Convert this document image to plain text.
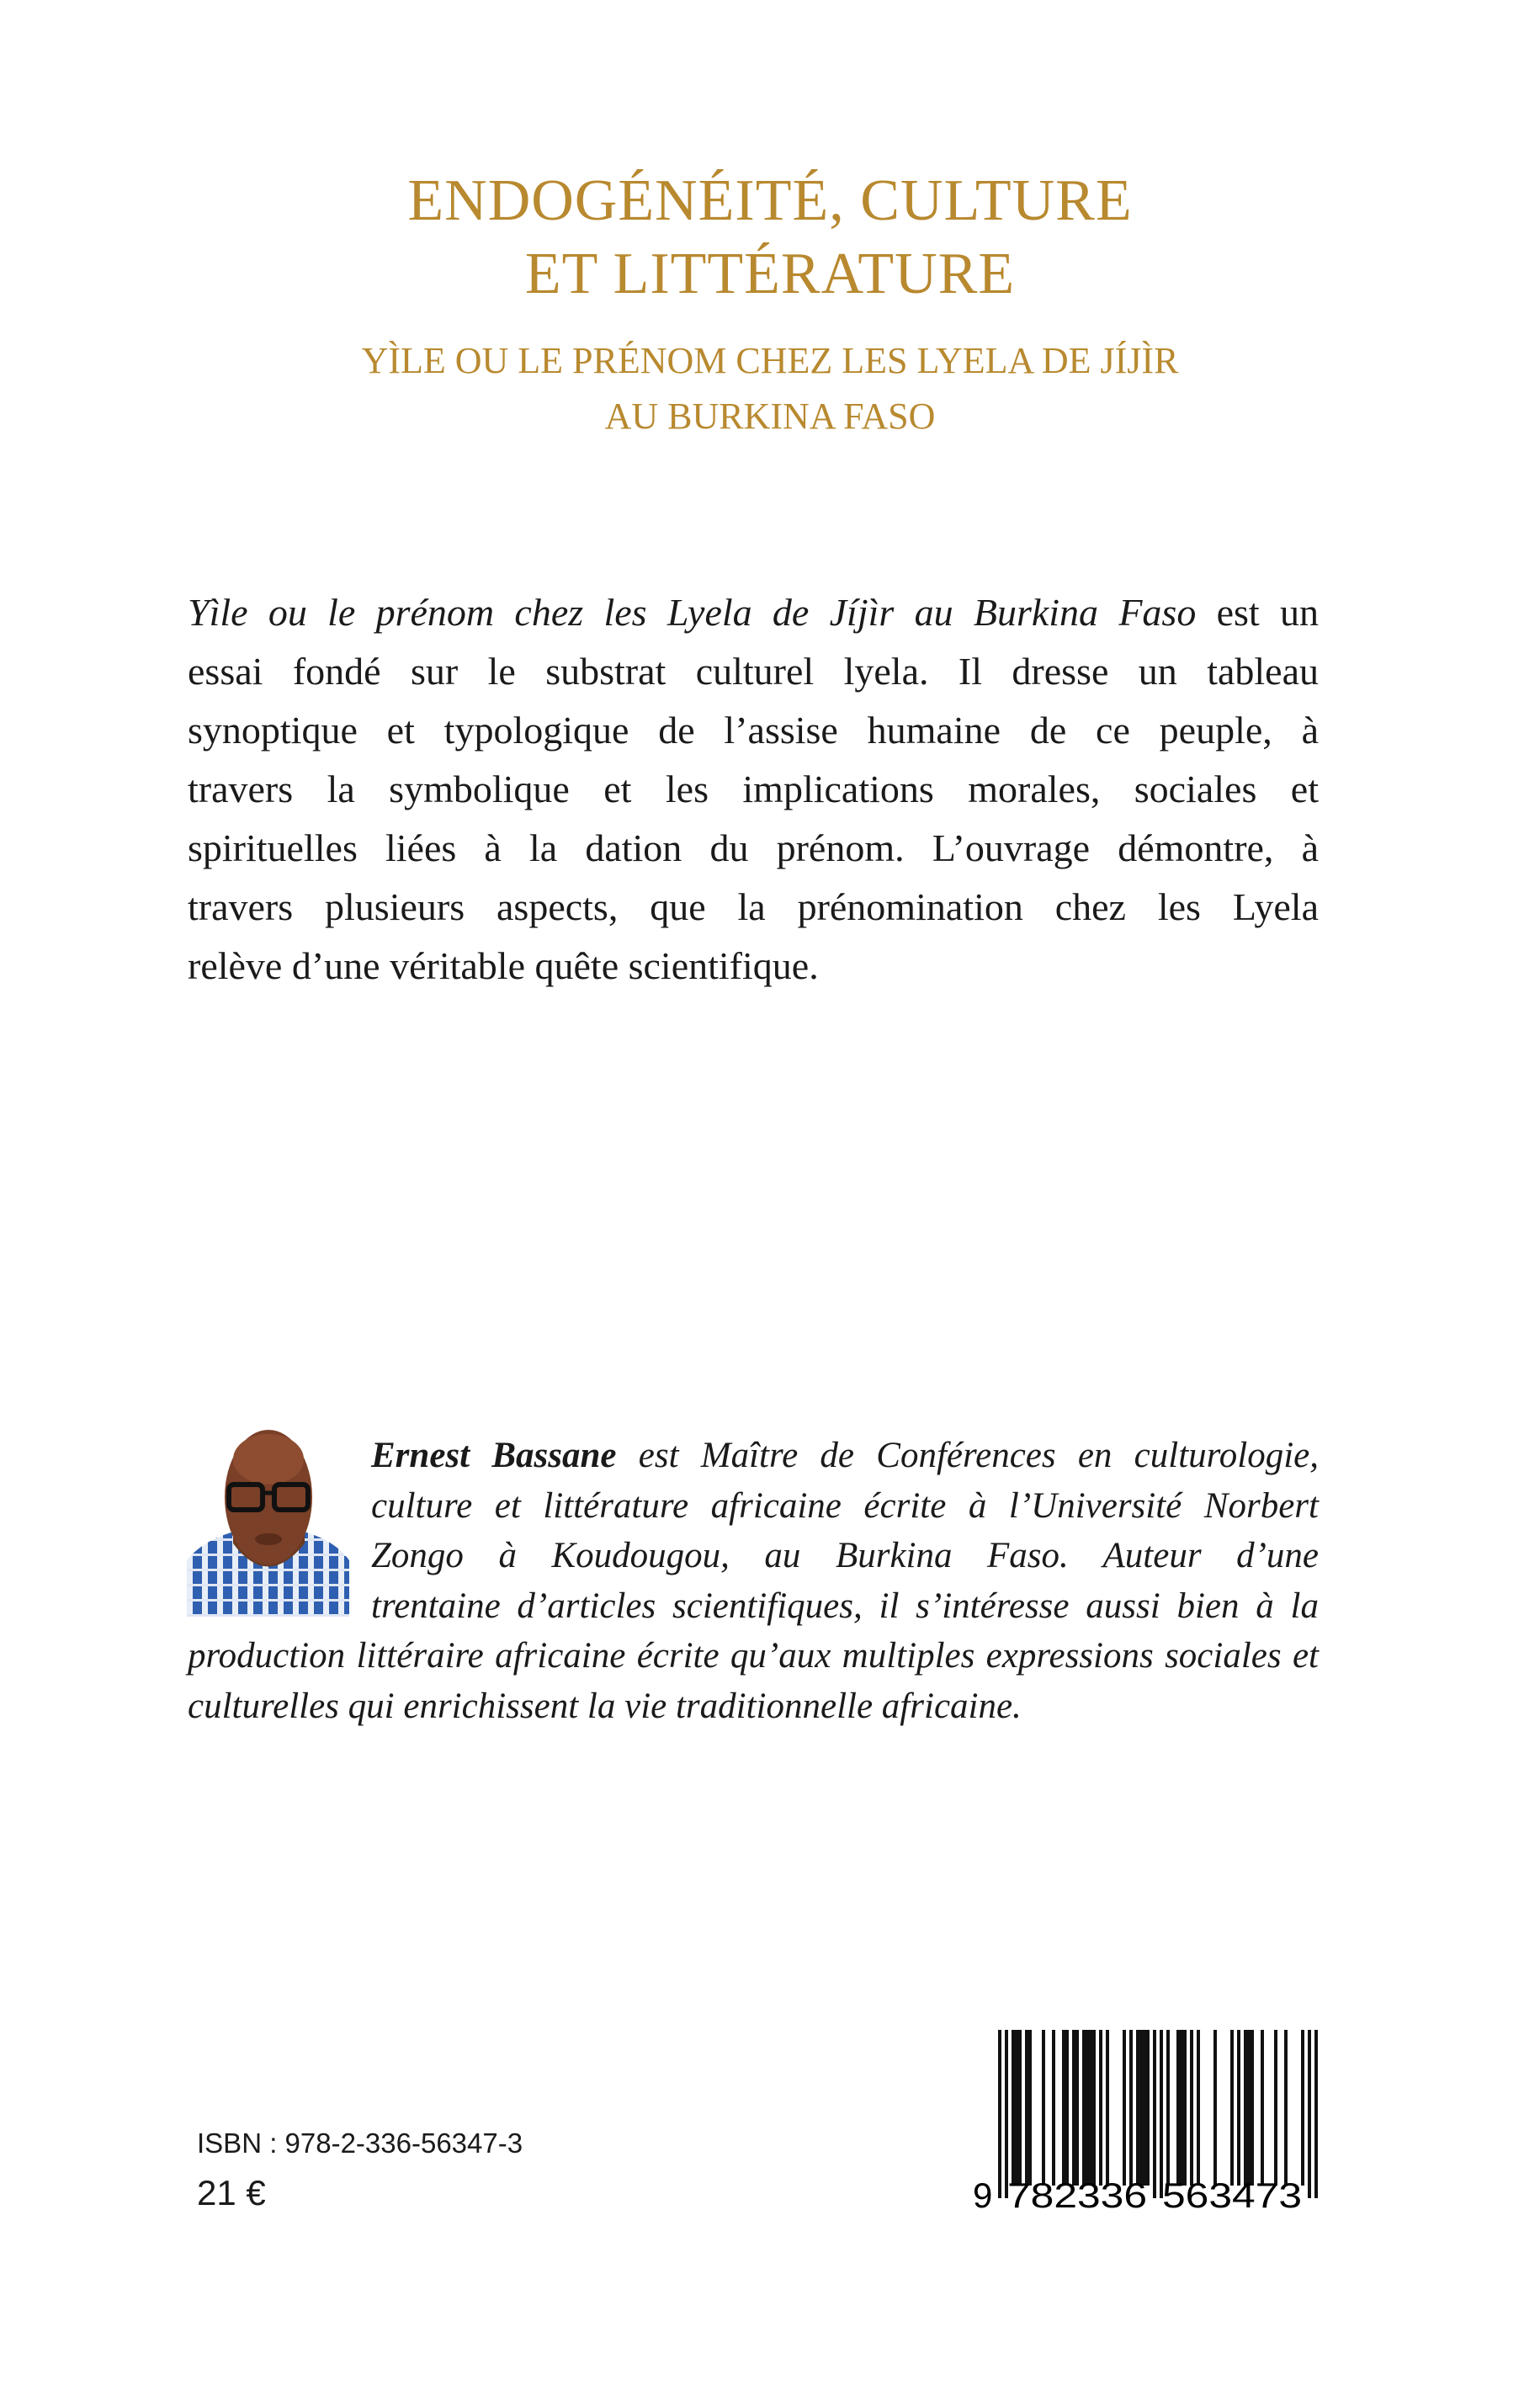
ENDOGÉNÉITÉ, CULTURE
ET LITTÉRATURE
YÌLE OU LE PRÉNOM CHEZ LES LYELA DE JÍJÌR
AU BURKINA FASO
Yìle ou le prénom chez les Lyela de Jíjìr au Burkina Faso est un
essai fondé sur le substrat culturel lyela. Il dresse un tableau
synoptique et typologique de l’assise humaine de ce peuple, à
travers la symbolique et les implications morales, sociales et
spirituelles liées à la dation du prénom. L’ouvrage démontre, à
travers plusieurs aspects, que la prénomination chez les Lyela
relève d’une véritable quête scientifique.
Ernest Bassane est Maître de Conférences en culturologie,
culture et littérature africaine écrite à l’Université Norbert
Zongo à Koudougou, au Burkina Faso. Auteur d’une
trentaine d’articles scientifiques, il s’intéresse aussi bien à la
production littéraire africaine écrite qu’aux multiples expressions sociales et
culturelles qui enrichissent la vie traditionnelle africaine.
ISBN : 978-2-336-56347-3
21 €	9 782336 563473
